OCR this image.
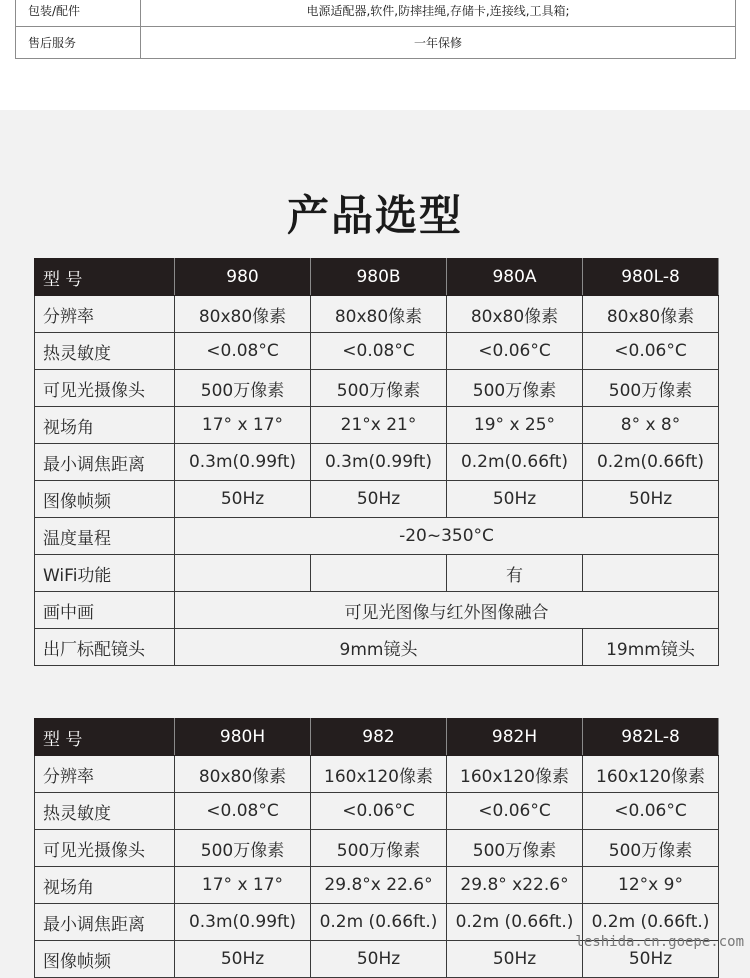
包装/配件	电源适配器,软件,防摔挂绳,存储卡,连接线,工具箱;
售后服务	一年保修
产品选型
型 号	980	980B	980A	980L-8
分辨率	80x80像素	80x80像素	80x80像素	80x80像素
热灵敏度	<0.08°C	<0.08°C	<0.06°C	<0.06°C
可见光摄像头	500万像素	500万像素	500万像素	500万像素
视场角	17° x 17°	21°x 21°	19° x 25°	8° x 8°
最小调焦距离	0.3m(0.99ft)	0.3m(0.99ft)	0.2m(0.66ft)	0.2m(0.66ft)
图像帧频	50Hz	50Hz	50Hz	50Hz
温度量程	-20~350°C			
WiFi功能			有	
画中画	可见光图像与红外图像融合			
出厂标配镜头	9mm镜头			19mm镜头
型 号	980H	982	982H	982L-8
分辨率	80x80像素	160x120像素	160x120像素	160x120像素
热灵敏度	<0.08°C	<0.06°C	<0.06°C	<0.06°C
可见光摄像头	500万像素	500万像素	500万像素	500万像素
视场角	17° x 17°	29.8°x 22.6°	29.8° x22.6°	12°x 9°
最小调焦距离	0.3m(0.99ft)	0.2m (0.66ft.)	0.2m (0.66ft.)	0.2m (0.66ft.)
图像帧频	50Hz	50Hz	50Hz	50Hz
leshida.cn.goepe.com
